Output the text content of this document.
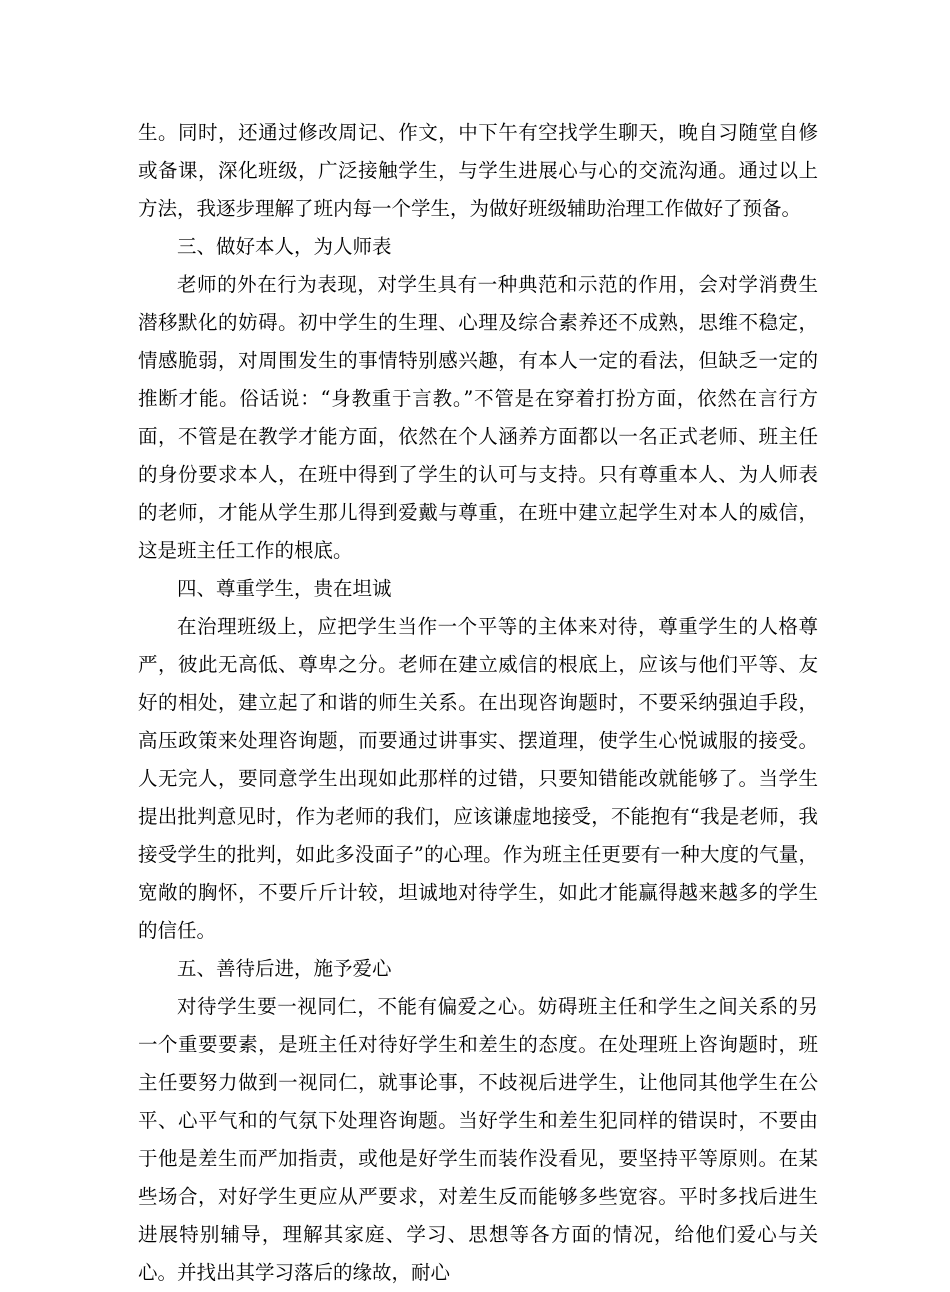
生。同时，还通过修改周记、作文，中下午有空找学生聊天，晚自习随堂自修或备课，深化班级，广泛接触学生，与学生进展心与心的交流沟通。通过以上方法，我逐步理解了班内每一个学生，为做好班级辅助治理工作做好了预备。

三、做好本人，为人师表

老师的外在行为表现，对学生具有一种典范和示范的作用，会对学消费生潜移默化的妨碍。初中学生的生理、心理及综合素养还不成熟，思维不稳定，情感脆弱，对周围发生的事情特别感兴趣，有本人一定的看法，但缺乏一定的推断才能。俗话说：“身教重于言教。”不管是在穿着打扮方面，依然在言行方面，不管是在教学才能方面，依然在个人涵养方面都以一名正式老师、班主任的身份要求本人，在班中得到了学生的认可与支持。只有尊重本人、为人师表的老师，才能从学生那儿得到爱戴与尊重，在班中建立起学生对本人的威信，这是班主任工作的根底。

四、尊重学生，贵在坦诚

在治理班级上，应把学生当作一个平等的主体来对待，尊重学生的人格尊严，彼此无高低、尊卑之分。老师在建立威信的根底上，应该与他们平等、友好的相处，建立起了和谐的师生关系。在出现咨询题时，不要采纳强迫手段，高压政策来处理咨询题，而要通过讲事实、摆道理，使学生心悦诚服的接受。人无完人，要同意学生出现如此那样的过错，只要知错能改就能够了。当学生提出批判意见时，作为老师的我们，应该谦虚地接受，不能抱有“我是老师，我接受学生的批判，如此多没面子”的心理。作为班主任更要有一种大度的气量，宽敞的胸怀，不要斤斤计较，坦诚地对待学生，如此才能赢得越来越多的学生的信任。

五、善待后进，施予爱心

对待学生要一视同仁，不能有偏爱之心。妨碍班主任和学生之间关系的另一个重要要素，是班主任对待好学生和差生的态度。在处理班上咨询题时，班主任要努力做到一视同仁，就事论事，不歧视后进学生，让他同其他学生在公平、心平气和的气氛下处理咨询题。当好学生和差生犯同样的错误时，不要由于他是差生而严加指责，或他是好学生而装作没看见，要坚持平等原则。在某些场合，对好学生更应从严要求，对差生反而能够多些宽容。平时多找后进生进展特别辅导，理解其家庭、学习、思想等各方面的情况，给他们爱心与关心。并找出其学习落后的缘故，耐心
